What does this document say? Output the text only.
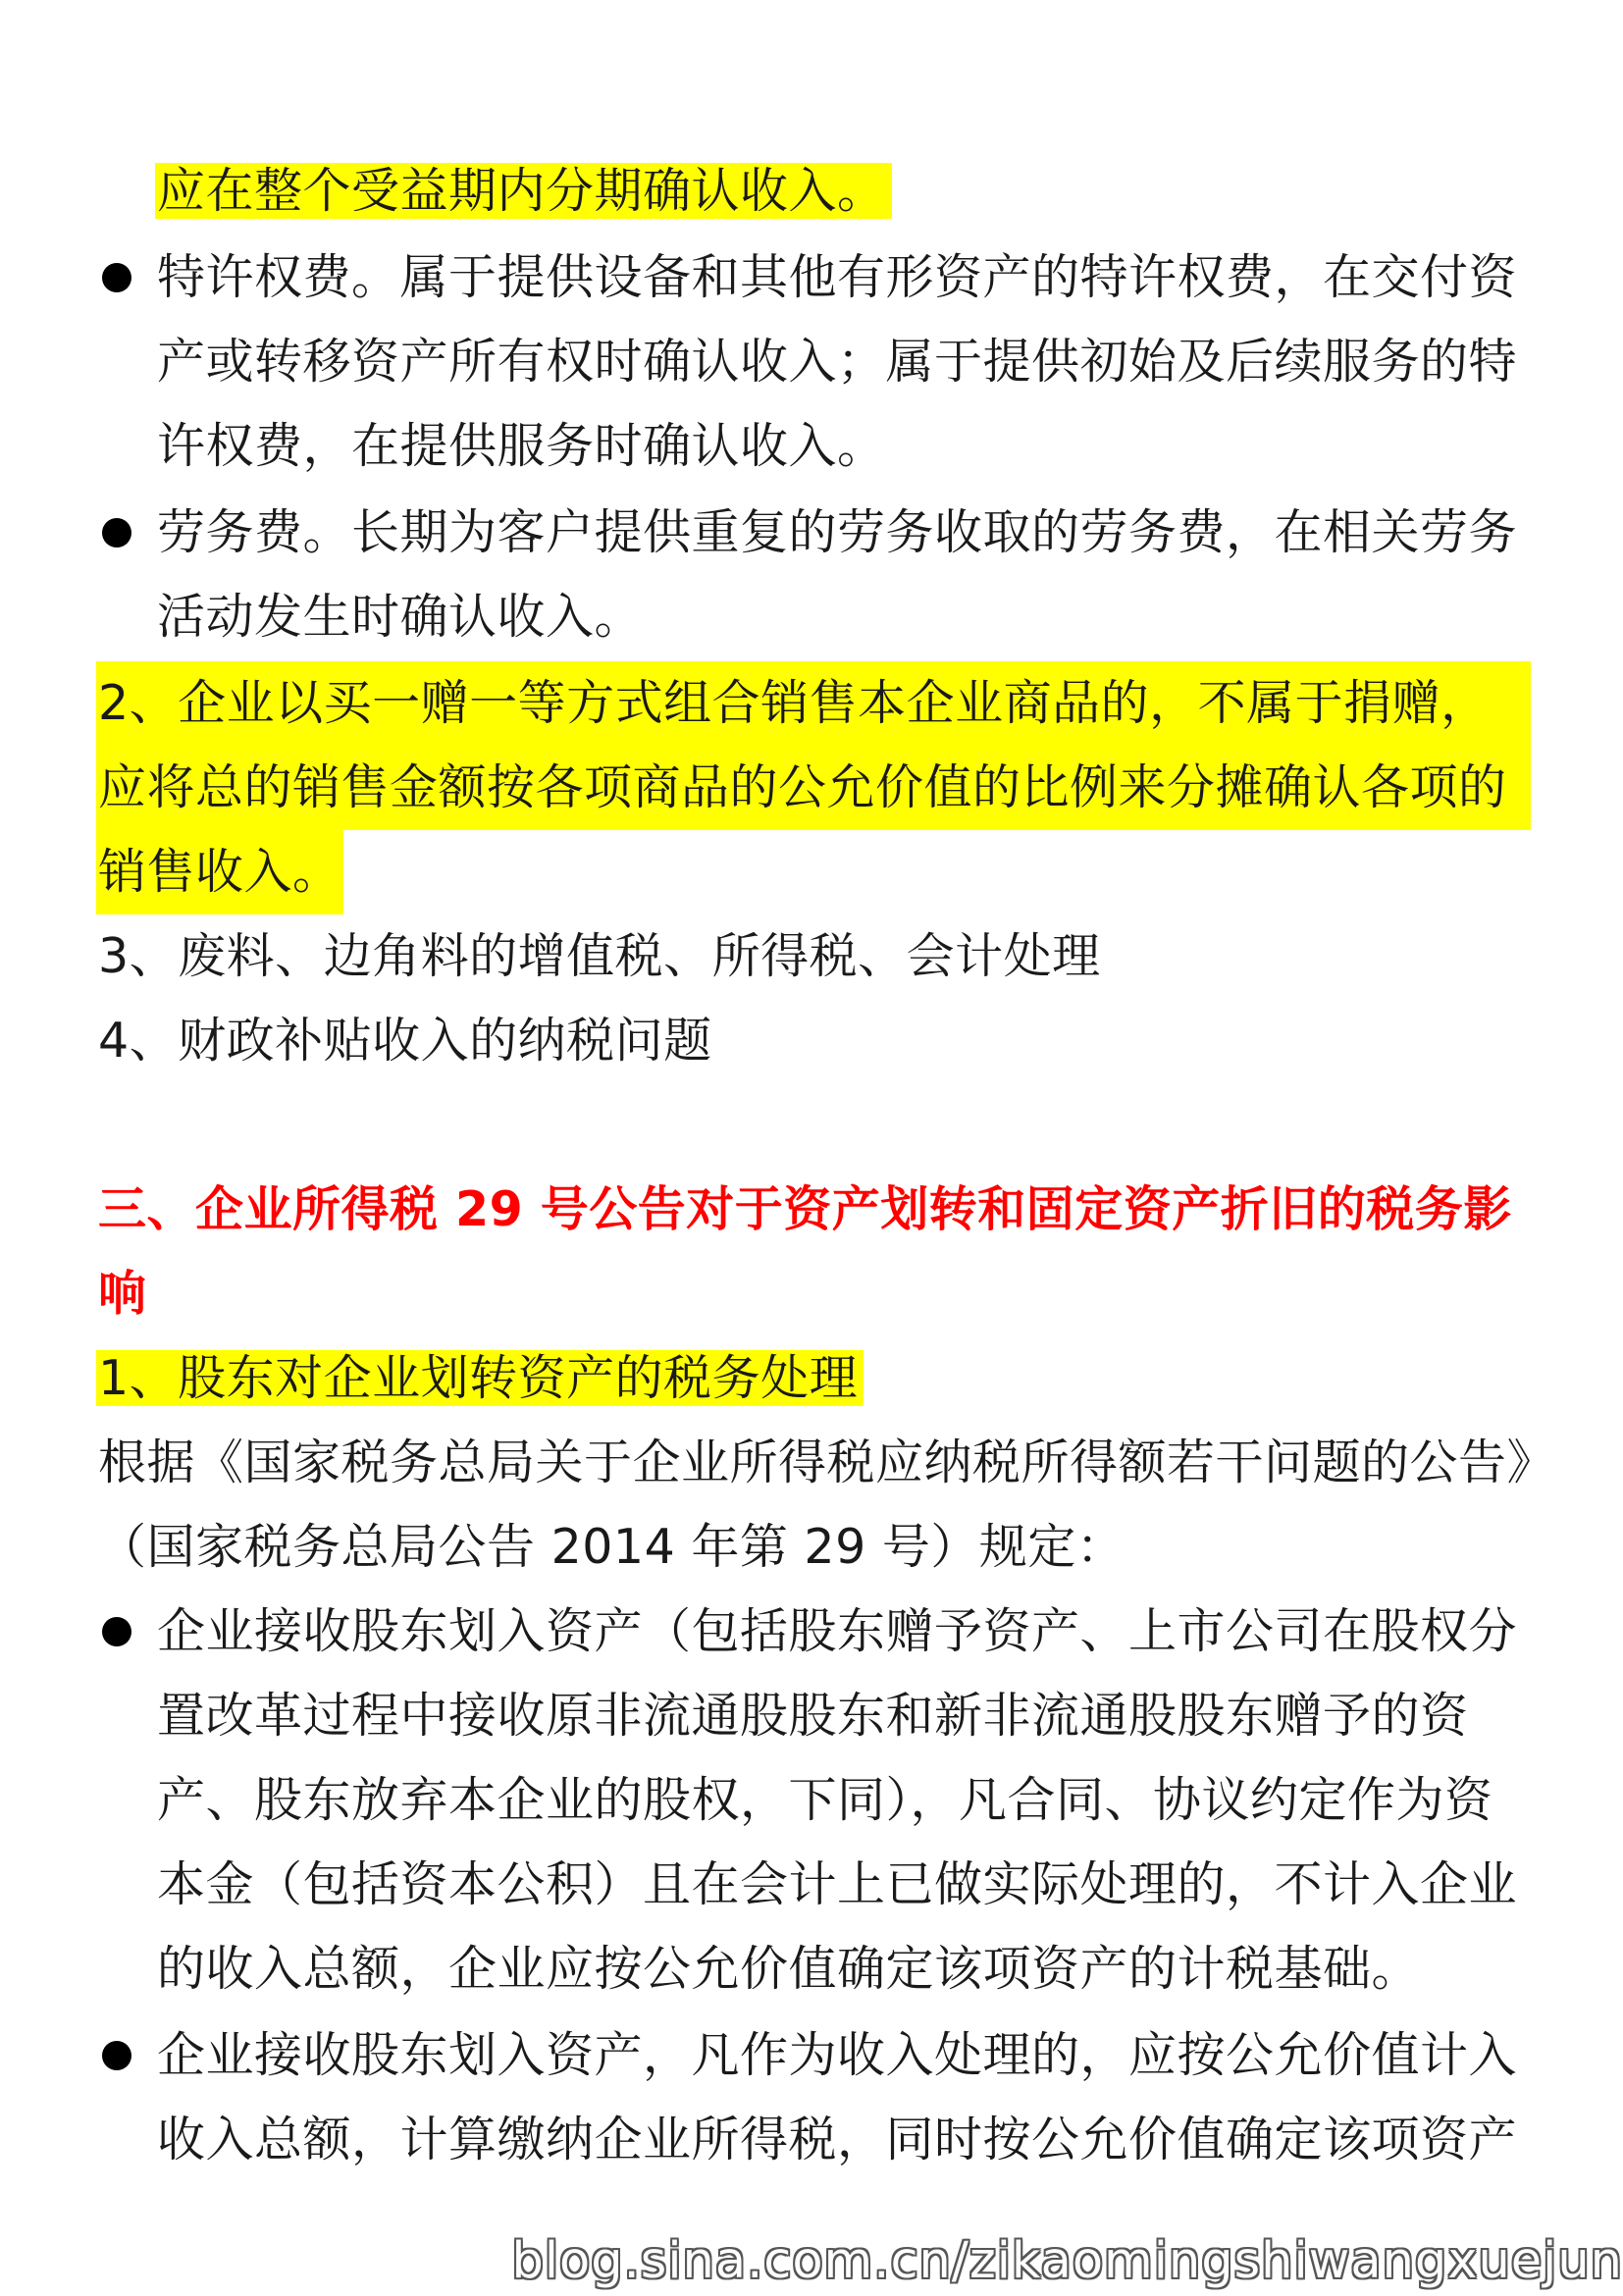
应在整个受益期内分期确认收入。
特许权费。属于提供设备和其他有形资产的特许权费，在交付资
产或转移资产所有权时确认收入；属于提供初始及后续服务的特
许权费，在提供服务时确认收入。
劳务费。长期为客户提供重复的劳务收取的劳务费，在相关劳务
活动发生时确认收入。
2、企业以买一赠一等方式组合销售本企业商品的，不属于捐赠，
应将总的销售金额按各项商品的公允价值的比例来分摊确认各项的
销售收入。
3、废料、边角料的增值税、所得税、会计处理
4、财政补贴收入的纳税问题
三、企业所得税 29 号公告对于资产划转和固定资产折旧的税务影
响
1、股东对企业划转资产的税务处理
根据《国家税务总局关于企业所得税应纳税所得额若干问题的公告》
（国家税务总局公告 2014 年第 29 号）规定：
企业接收股东划入资产（包括股东赠予资产、上市公司在股权分
置改革过程中接收原非流通股股东和新非流通股股东赠予的资
产、股东放弃本企业的股权，下同），凡合同、协议约定作为资
本金（包括资本公积）且在会计上已做实际处理的，不计入企业
的收入总额，企业应按公允价值确定该项资产的计税基础。
企业接收股东划入资产，凡作为收入处理的，应按公允价值计入
收入总额，计算缴纳企业所得税，同时按公允价值确定该项资产
blog.sina.com.cn/zikaomingshiwangxuejun
